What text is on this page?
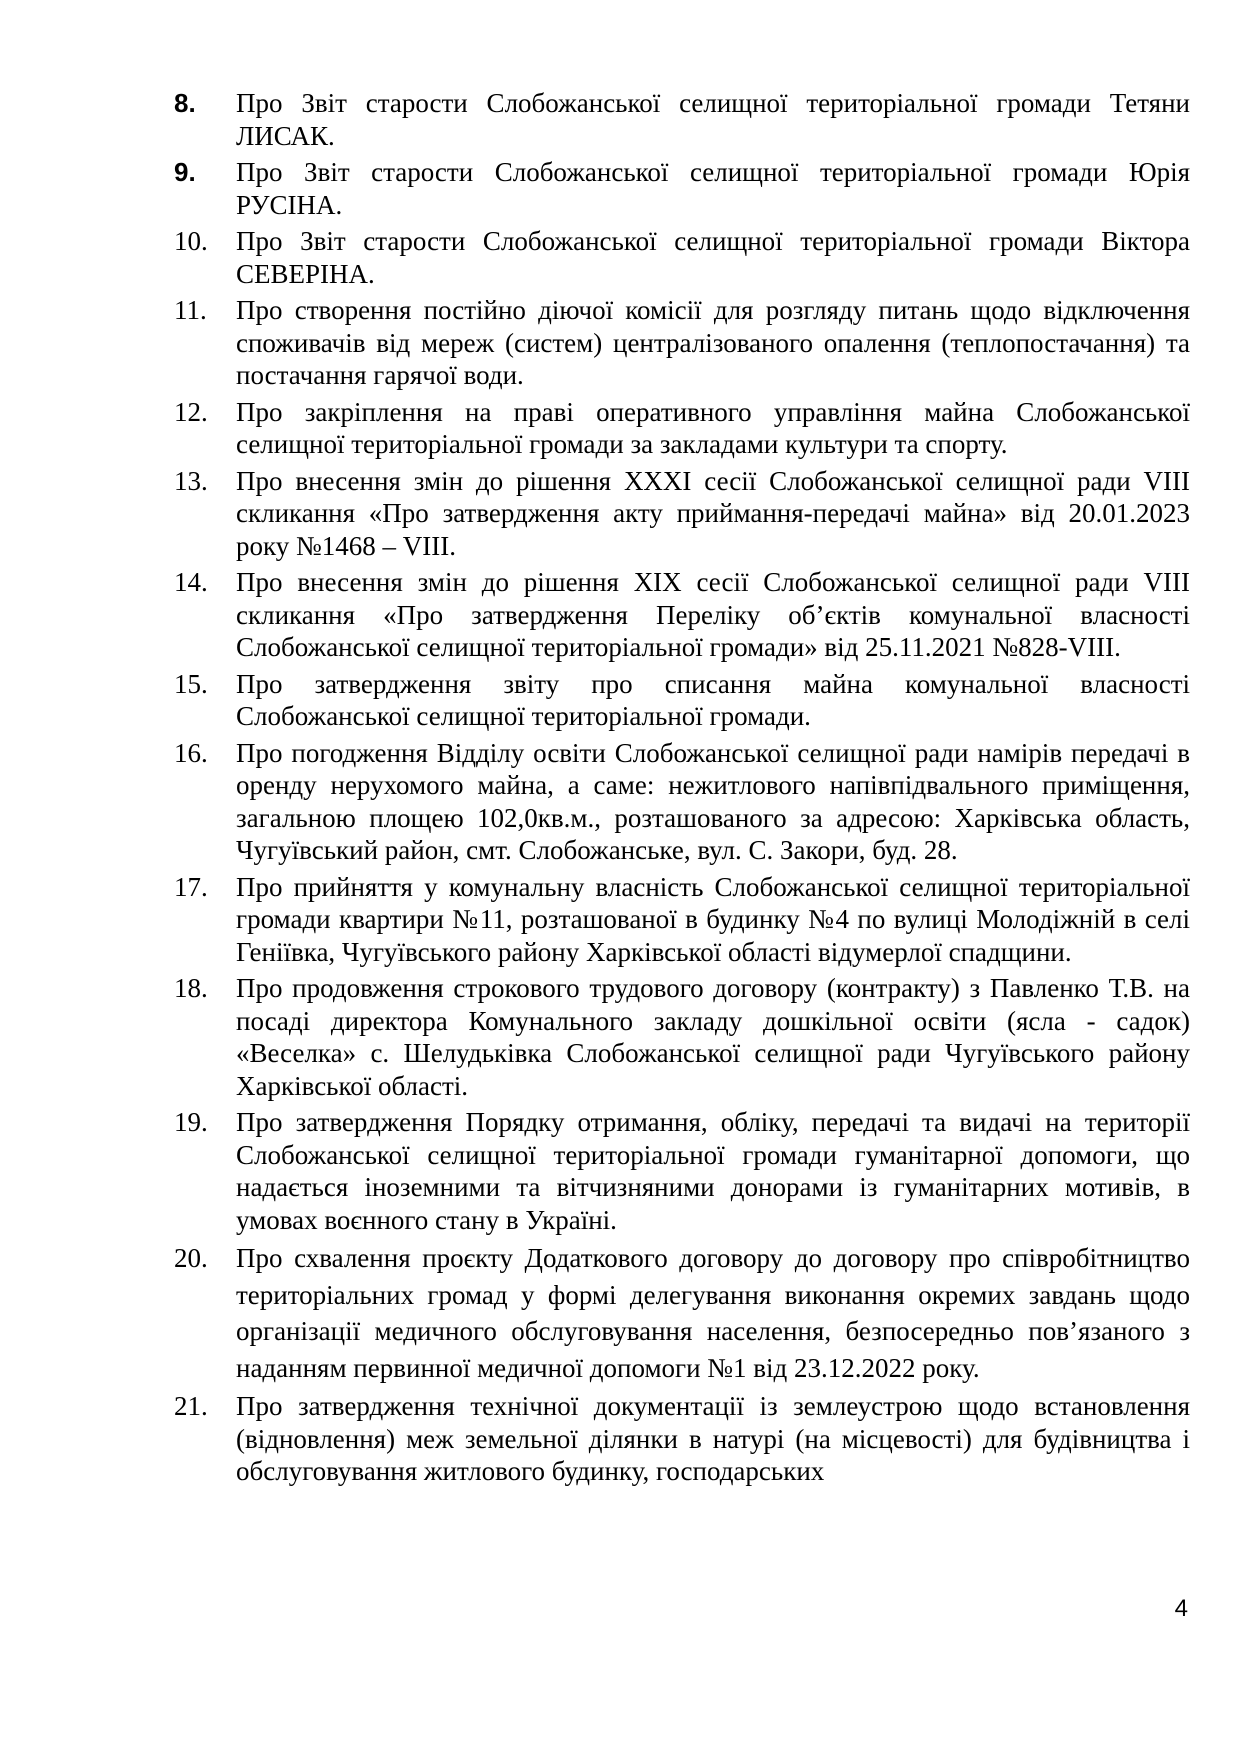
8.	Про Звіт старости Слобожанської селищної територіальної громади Тетяни ЛИСАК.
9.	Про Звіт старости Слобожанської селищної територіальної громади Юрія РУСІНА.
10.	Про Звіт старости Слобожанської селищної територіальної громади Віктора СЕВЕРІНА.
11.	Про створення постійно діючої комісії для розгляду питань щодо відключення споживачів від мереж (систем) централізованого опалення (теплопостачання) та постачання гарячої води.
12.	Про закріплення на праві оперативного управління майна Слобожанської селищної територіальної громади за закладами культури та спорту.
13.	Про внесення змін до рішення XXXI сесії Слобожанської селищної ради VIII скликання «Про затвердження акту приймання-передачі майна» від 20.01.2023 року №1468 – VIII.
14.	Про внесення змін до рішення XIX сесії Слобожанської селищної ради VIII скликання «Про затвердження Переліку об’єктів комунальної власності Слобожанської селищної територіальної громади» від 25.11.2021 №828-VIII.
15.	Про затвердження звіту про списання майна комунальної власності Слобожанської селищної територіальної громади.
16.	Про погодження Відділу освіти Слобожанської селищної ради намірів передачі в оренду нерухомого майна, а саме: нежитлового напівпідвального приміщення, загальною площею 102,0кв.м., розташованого за адресою: Харківська область, Чугуївський район, смт. Слобожанське, вул. С. Закори, буд. 28.
17.	Про прийняття у комунальну власність Слобожанської селищної територіальної громади квартири №11, розташованої в будинку №4 по вулиці Молодіжній в селі Геніївка, Чугуївського району Харківської області відумерлої спадщини.
18.	Про продовження строкового трудового договору (контракту) з Павленко Т.В. на посаді директора Комунального закладу дошкільної освіти (ясла - садок) «Веселка» с. Шелудьківка Слобожанської селищної ради Чугуївського району Харківської області.
19.	Про затвердження Порядку отримання, обліку, передачі та видачі на території Слобожанської селищної територіальної громади гуманітарної допомоги, що надається іноземними та вітчизняними донорами із гуманітарних мотивів, в умовах воєнного стану в Україні.
20.	Про схвалення проєкту Додаткового договору до договору про співробітництво територіальних громад у формі делегування виконання окремих завдань щодо організації медичного обслуговування населення, безпосередньо пов’язаного з наданням первинної медичної допомоги №1 від 23.12.2022 року.
21.	Про затвердження технічної документації із землеустрою щодо встановлення (відновлення) меж земельної ділянки в натурі (на місцевості) для будівництва і обслуговування житлового будинку, господарських
4
